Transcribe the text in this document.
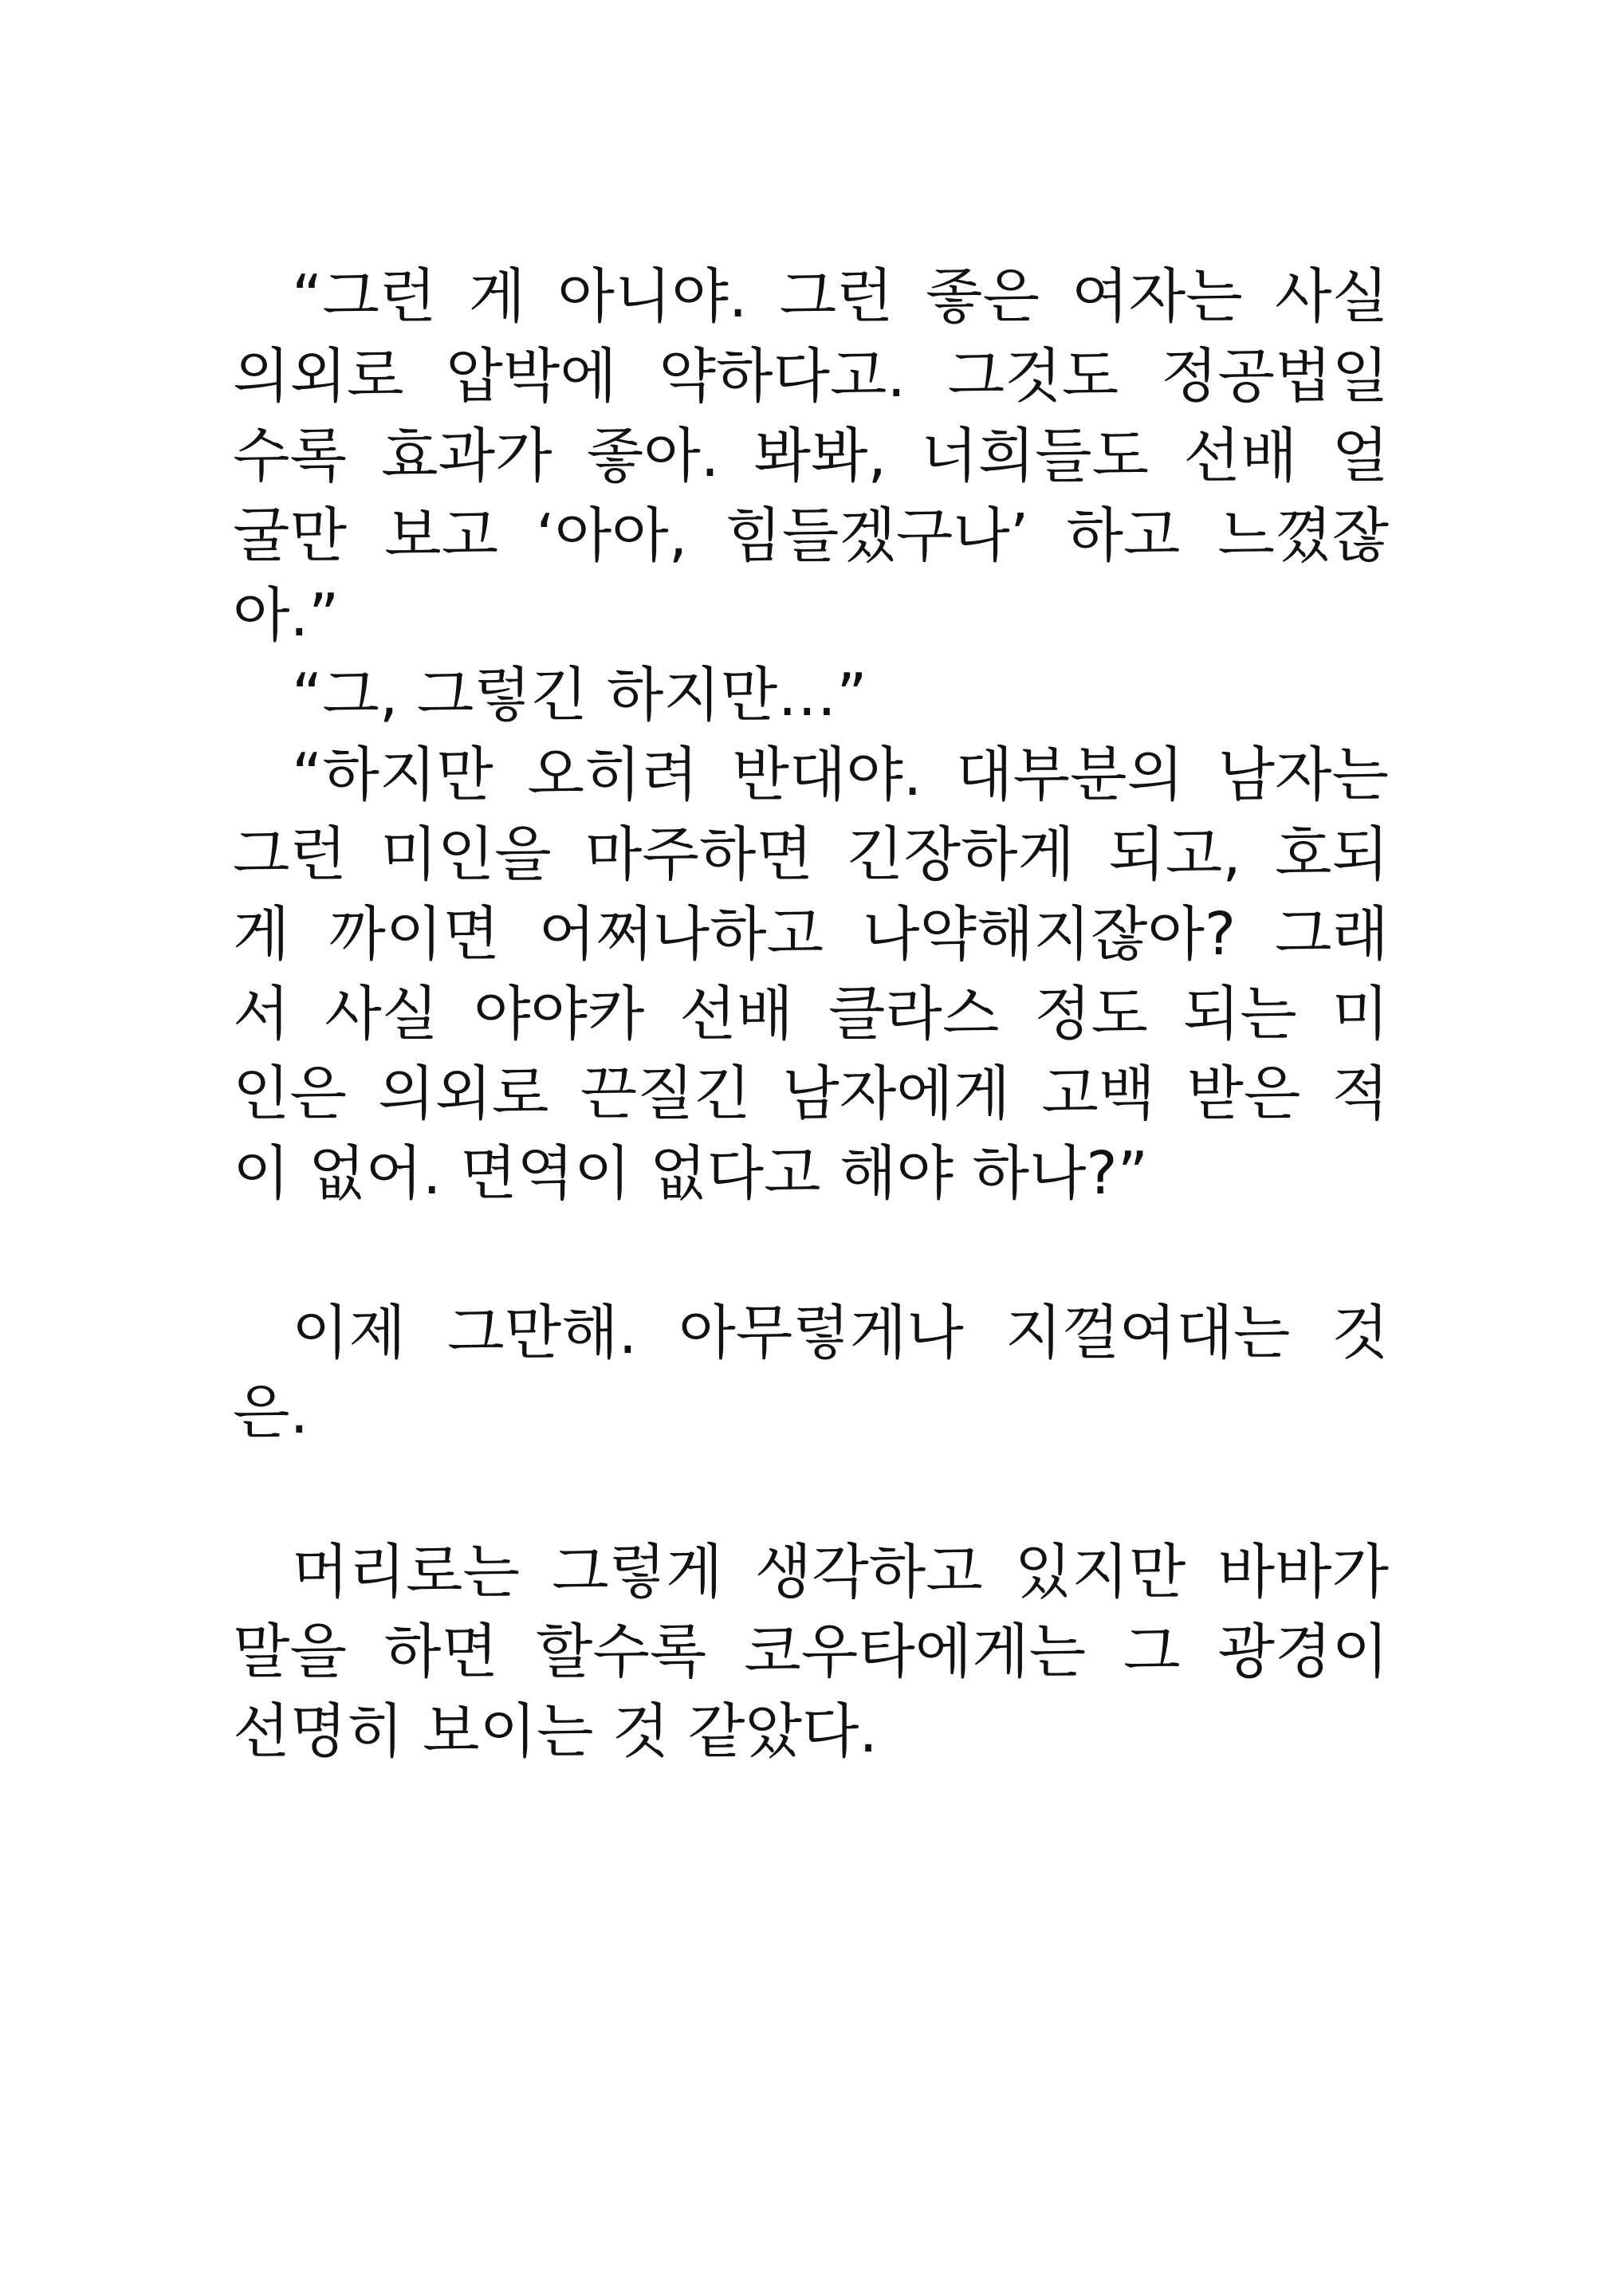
“그런 게 아니야. 그런 좋은 여자는 사실
의외로 압박에 약하다고. 그것도 정공법일
수록 효과가 좋아. 봐봐, 너희들도 선배 얼
굴만 보고 ‘아아, 힘들겠구나’ 하고 느꼈잖
아.”
“그, 그렇긴 하지만…”
“하지만 오히려 반대야. 대부분의 남자는
그런 미인을 마주하면 긴장하게 되고, 호되
게 까이면 어쩌나하고 나약해지잖아? 그래
서 사실 야야카 선배 클라스 정도 되는 미
인은 의외로 끈질긴 남자에게 고백 받은 적
이 없어. 면역이 없다고 해야 하나?”
이제 그만해. 아무렇게나 지껄여대는 것
은.
머리로는 그렇게 생각하고 있지만 바바가
말을 하면 할수록 코우타에게는 그 광경이
선명히 보이는 것 같았다.
